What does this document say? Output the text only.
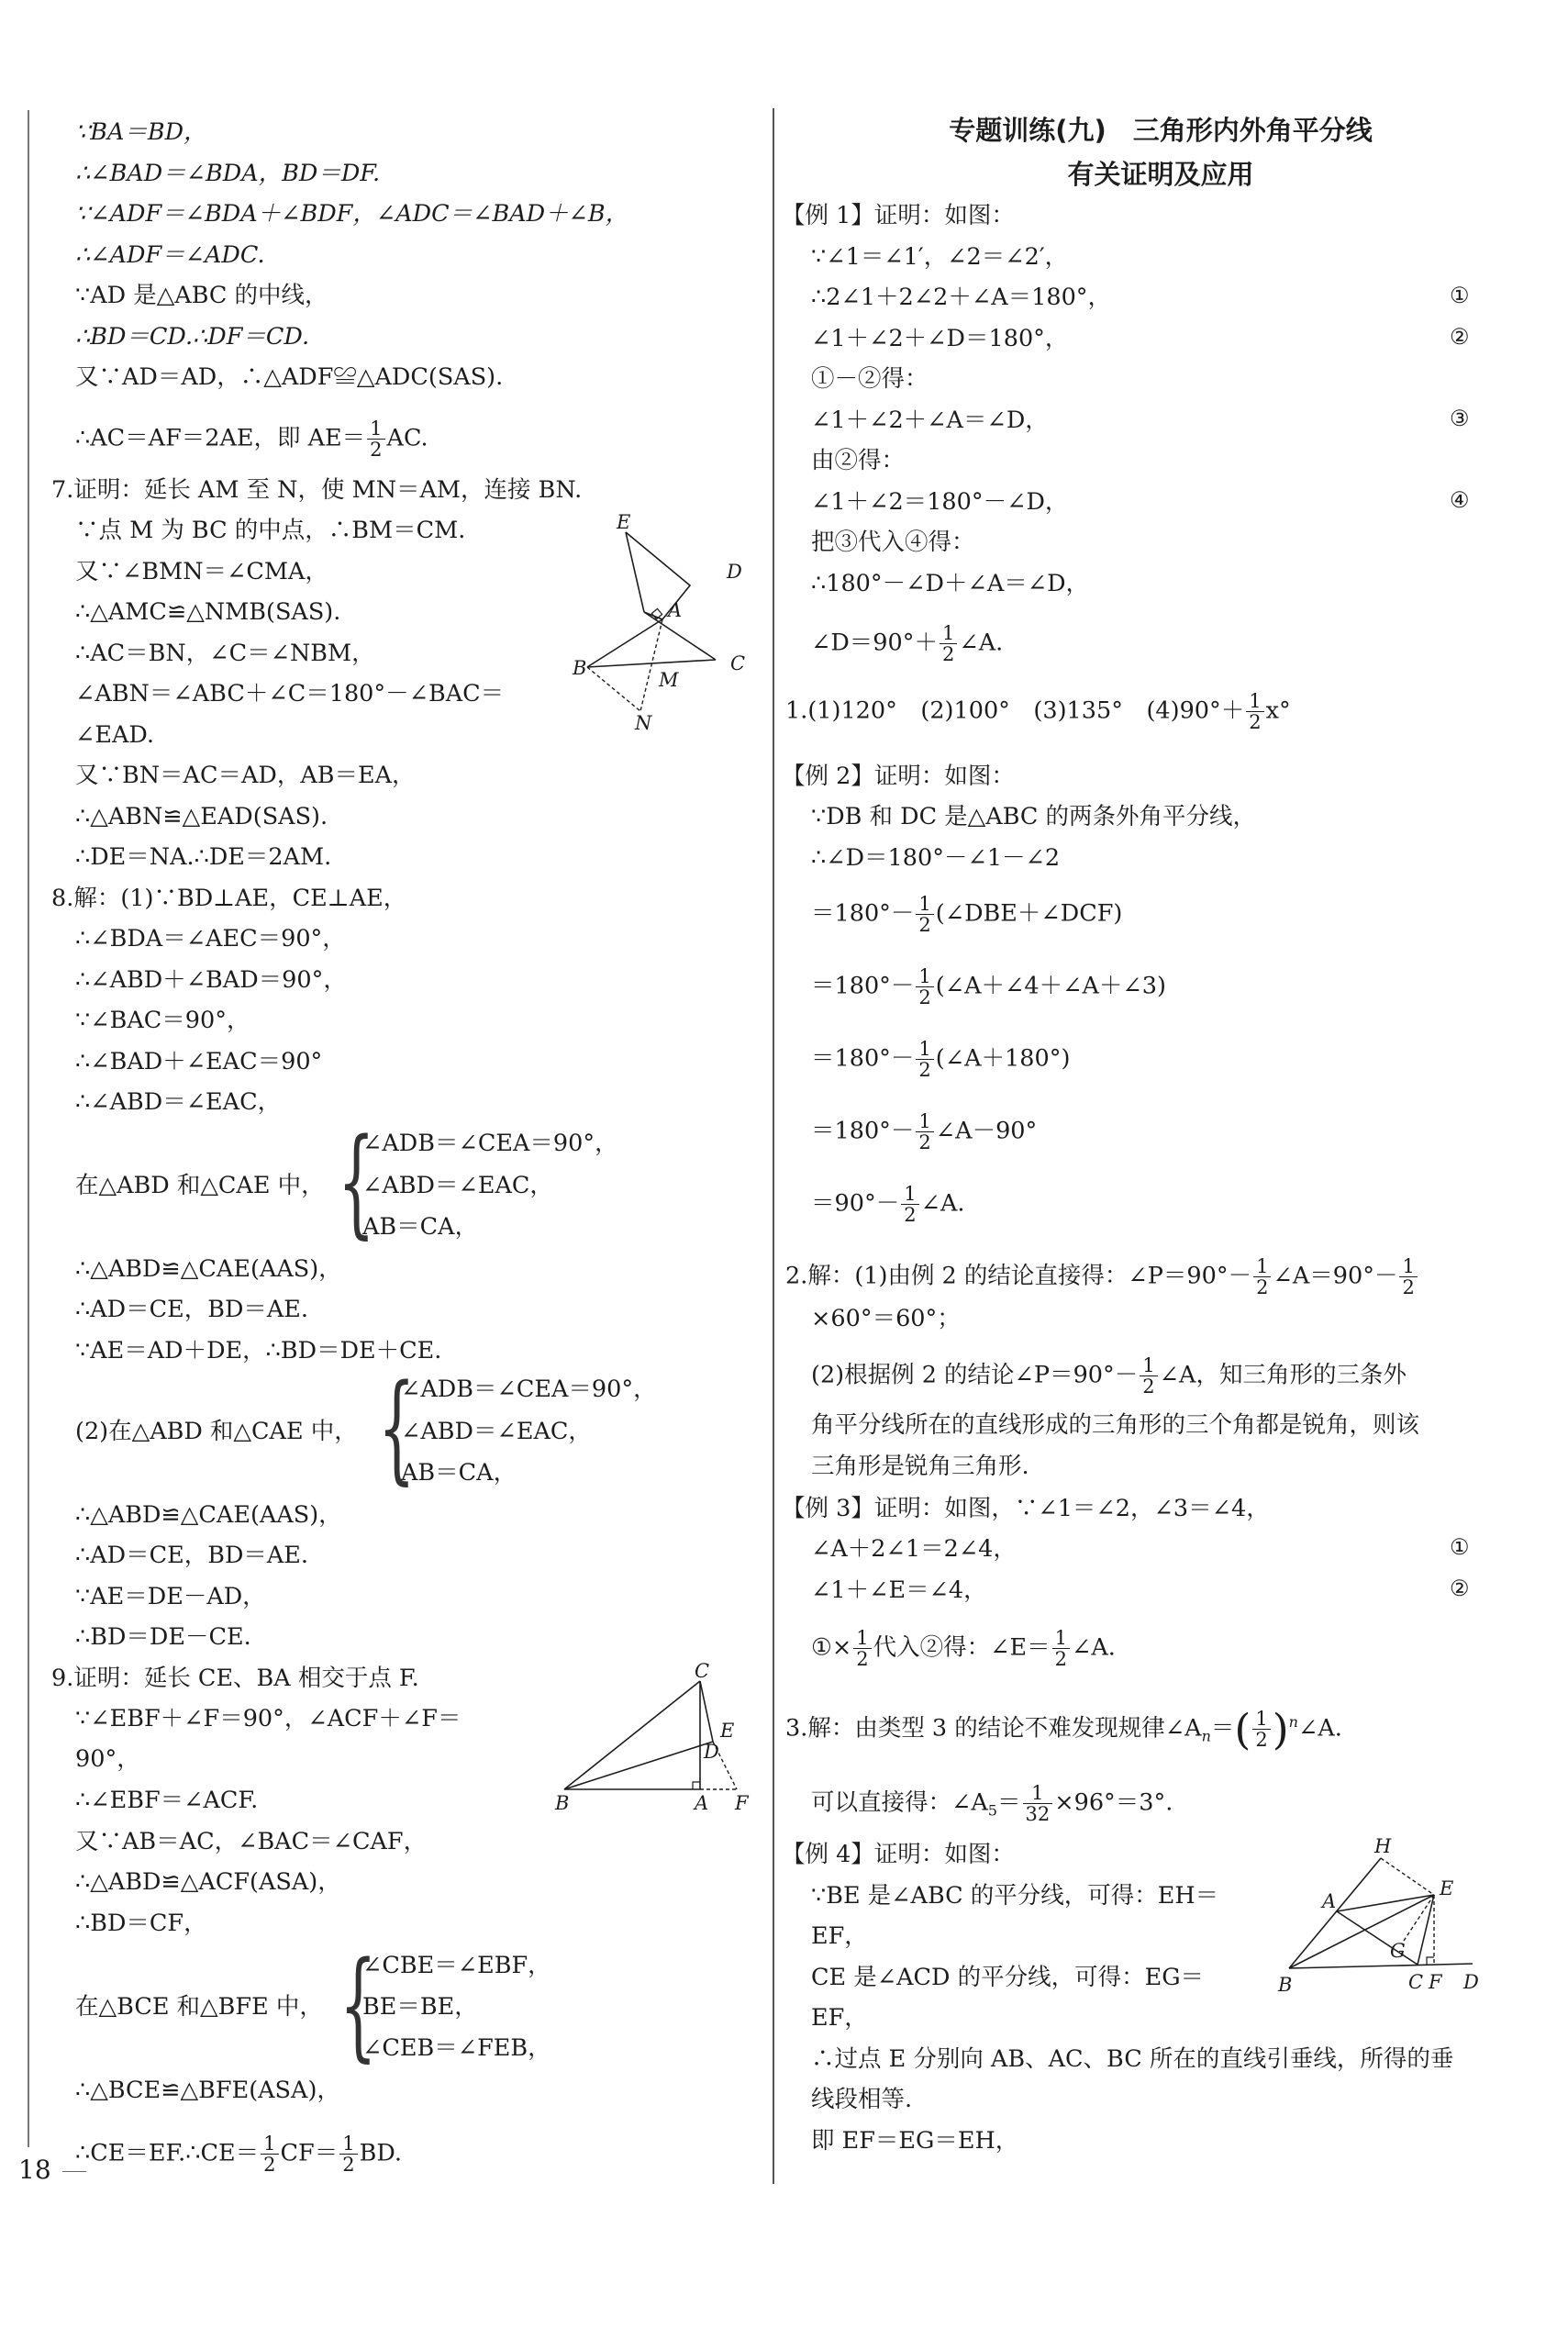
∵BA＝BD，
∴∠BAD＝∠BDA，BD＝DF.
∵∠ADF＝∠BDA＋∠BDF，∠ADC＝∠BAD＋∠B，
∴∠ADF＝∠ADC.
∵AD 是△ABC 的中线，
∴BD＝CD.∴DF＝CD.
又∵AD＝AD，∴△ADF≌△ADC(SAS).
∴AC＝AF＝2AE，即 $AE= \frac{1}{2}$ AC.
7.证明：延长 AM 至 N，使 MN＝AM，连接 BN.
∵点 M 为 BC 的中点，∴BM＝CM.
又∵∠BMN＝∠CMA，
∴△AMC≌△NMB(SAS).
∴AC＝BN，∠C＝∠NBM，
∠ABN＝∠ABC＋∠C＝180°－∠BAC＝
∠EAD.
又∵BN＝AC＝AD，AB＝EA，
∴△ABN≌△EAD(SAS).
∴DE＝NA.∴DE＝2AM.
E
D
A
B
M
C
N
8.解：(1)∵BD⊥AE，CE⊥AE，
∴∠BDA＝∠AEC＝90°，
∴∠ABD＋∠BAD＝90°，
∵∠BAC＝90°，
∴∠BAD＋∠EAC＝90°
∴∠ABD＝∠EAC，
在△ABD 和△CAE 中， {
∠ADB＝∠CEA＝90°，
∠ABD＝∠EAC，
AB＝CA，
∴△ABD≌△CAE(AAS)，
∴AD＝CE，BD＝AE.
∵AE＝AD＋DE，∴BD＝DE＋CE.
(2)在△ABD 和△CAE 中， {
∠ADB＝∠CEA＝90°，
∠ABD＝∠EAC，
AB＝CA，
∴△ABD≌△CAE(AAS)，
∴AD＝CE，BD＝AE.
∵AE＝DE－AD，
∴BD＝DE－CE.
9.证明：延长 CE、BA 相交于点 F.
∵∠EBF＋∠F＝90°，∠ACF＋∠F＝
90°，
∴∠EBF＝∠ACF.
又∵AB＝AC，∠BAC＝∠CAF，
∴△ABD≌△ACF(ASA)，
∴BD＝CF，
C
E
D
B	A F
在△BCE 和△BFE 中， {
∠CBE＝∠EBF，
BE＝BE，
∠CEB＝∠FEB，
∴△BCE≌△BFE(ASA)，
∴CE＝EF.∴CE＝ $\frac{1}{2} CF= \frac{1}{2}$ BD.
专题训练(九)　三角形内外角平分线
有关证明及应用
【例 1】证明：如图：
∵∠1＝∠1′，∠2＝∠2′，
∴2∠1＋2∠2＋∠A＝180°，	①
∠1＋∠2＋∠D＝180°，	②
①－②得：
∠1＋∠2＋∠A＝∠D，	③
由②得：
∠1＋∠2＝180°－∠D，	④
把③代入④得：
∴180°－∠D＋∠A＝∠D，
∠D＝90°＋ $\frac{1}{2}$ ∠A.
1.(1)120°　(2)100°　(3)135°　$(4)90^\circ+ \frac{1}{2} x^\circ$
【例 2】证明：如图：
∵DB 和 DC 是△ABC 的两条外角平分线，
∴∠D＝180°－∠1－∠2
$=180^\circ- \frac{1}{2}$ (∠DBE＋∠DCF)
$=180^\circ- \frac{1}{2}$ (∠A＋∠4＋∠A＋∠3)
$=180^\circ- \frac{1}{2}$ (∠A＋180°)
$=180^\circ- \frac{1}{2}$ ∠A－90°
$=90^\circ- \frac{1}{2}$ ∠A.
2.解：(1)由例 2 的结论直接得：∠P＝90°－ $\frac{1}{2}$ ∠A＝90°－ $\frac{1}{2}$
×60°＝60°；
(2)根据例 2 的结论∠P＝90°－ $\frac{1}{2}$ ∠A，知三角形的三条外
角平分线所在的直线形成的三角形的三个角都是锐角，则该
三角形是锐角三角形.
【例 3】证明：如图，∵∠1＝∠2，∠3＝∠4，
∠A＋2∠1＝2∠4，	①
∠1＋∠E＝∠4，	②
①× $\frac{1}{2}$ 代入②得：∠E＝ $\frac{1}{2}$ ∠A.
3.解：由类型 3 的结论不难发现规律$\angle A_n=( \frac{1}{2}$ )$^n$∠A.
可以直接得：$\angle A_5= \frac{1}{32} \times 96^\circ=3^\circ$.
【例 4】证明：如图：
∵BE 是∠ABC 的平分线，可得：EH＝
EF，
CE 是∠ACD 的平分线，可得：EG＝
EF，
∴过点 E 分别向 AB、AC、BC 所在的直线引垂线，所得的垂
线段相等.
即 EF＝EG＝EH，
H
A
E
G
B	C F D
18
